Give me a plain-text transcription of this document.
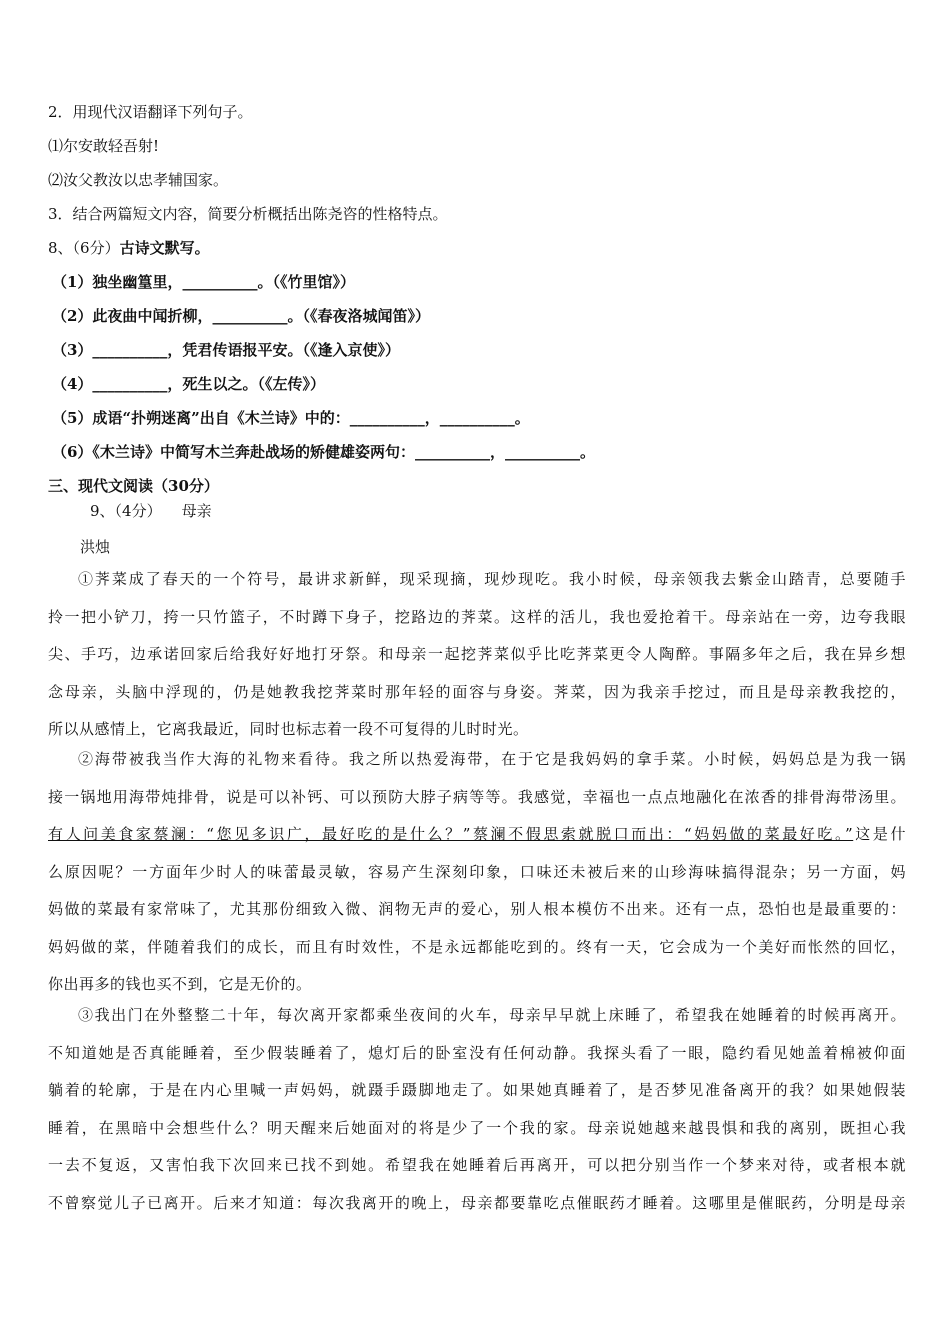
2．用现代汉语翻译下列句子。
⑴尔安敢轻吾射!
⑵汝父教汝以忠孝辅国家。
3．结合两篇短文内容，简要分析概括出陈尧咨的性格特点。
8、（6分）古诗文默写。
（1）独坐幽篁里，__________。（《竹里馆》）
（2）此夜曲中闻折柳，__________。（《春夜洛城闻笛》）
（3）__________，凭君传语报平安。（《逢入京使》）
（4）__________，死生以之。（《左传》）
（5）成语“扑朔迷离”出自《木兰诗》中的：__________，__________。
（6）《木兰诗》中简写木兰奔赴战场的矫健雄姿两句：__________，__________。
三、现代文阅读（30分）
9、（4分） 母亲
洪烛

①荠菜成了春天的一个符号，最讲求新鲜，现采现摘，现炒现吃。我小时候，母亲领我去紫金山踏青，总要随手

拎一把小铲刀，挎一只竹篮子，不时蹲下身子，挖路边的荠菜。这样的活儿，我也爱抢着干。母亲站在一旁，边夸我眼

尖、手巧，边承诺回家后给我好好地打牙祭。和母亲一起挖荠菜似乎比吃荠菜更令人陶醉。事隔多年之后，我在异乡想

念母亲，头脑中浮现的，仍是她教我挖荠菜时那年轻的面容与身姿。荠菜，因为我亲手挖过，而且是母亲教我挖的，

所以从感情上，它离我最近，同时也标志着一段不可复得的儿时时光。

②海带被我当作大海的礼物来看待。我之所以热爱海带，在于它是我妈妈的拿手菜。小时候，妈妈总是为我一锅

接一锅地用海带炖排骨，说是可以补钙、可以预防大脖子病等等。我感觉，幸福也一点点地融化在浓香的排骨海带汤里。

有人问美食家蔡澜：“您见多识广，最好吃的是什么？”蔡澜不假思索就脱口而出：“妈妈做的菜最好吃。”这是什

么原因呢？一方面年少时人的味蕾最灵敏，容易产生深刻印象，口味还未被后来的山珍海味搞得混杂；另一方面，妈

妈做的菜最有家常味了，尤其那份细致入微、润物无声的爱心，别人根本模仿不出来。还有一点，恐怕也是最重要的：

妈妈做的菜，伴随着我们的成长，而且有时效性，不是永远都能吃到的。终有一天，它会成为一个美好而怅然的回忆，

你出再多的钱也买不到，它是无价的。

③我出门在外整整二十年，每次离开家都乘坐夜间的火车，母亲早早就上床睡了，希望我在她睡着的时候再离开。

不知道她是否真能睡着，至少假装睡着了，熄灯后的卧室没有任何动静。我探头看了一眼，隐约看见她盖着棉被仰面

躺着的轮廓，于是在内心里喊一声妈妈，就蹑手蹑脚地走了。如果她真睡着了，是否梦见准备离开的我？如果她假装

睡着，在黑暗中会想些什么？明天醒来后她面对的将是少了一个我的家。母亲说她越来越畏惧和我的离别，既担心我

一去不复返，又害怕我下次回来已找不到她。希望我在她睡着后再离开，可以把分别当作一个梦来对待，或者根本就

不曾察觉儿子已离开。后来才知道：每次我离开的晚上，母亲都要靠吃点催眠药才睡着。这哪里是催眠药，分明是母亲
